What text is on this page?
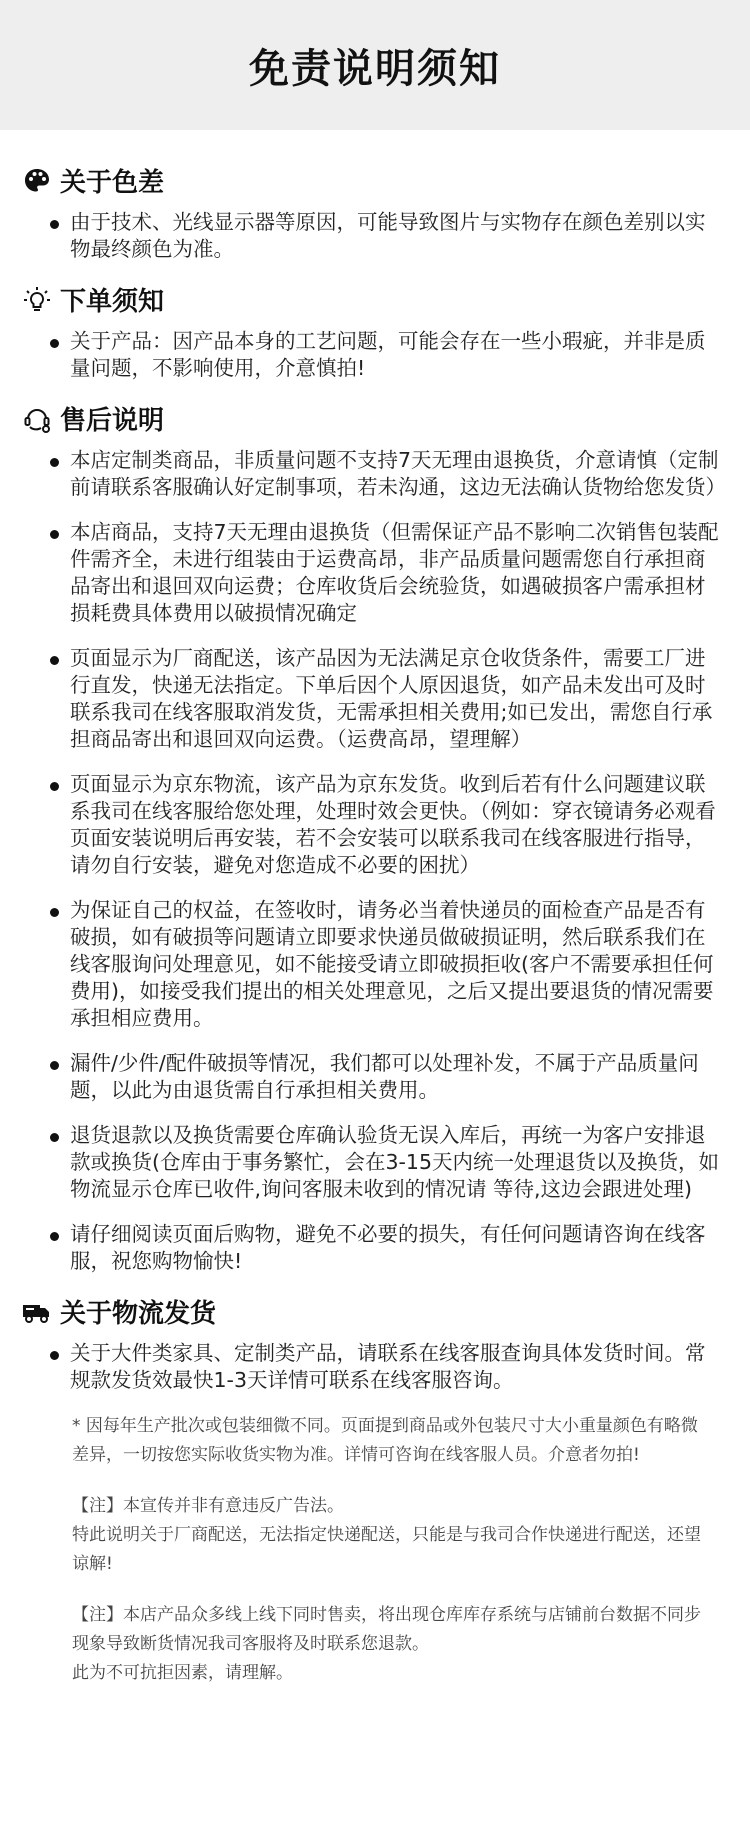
免责说明须知
关于色差
由于技术、光线显示器等原因，可能导致图片与实物存在颜色差别以实物最终颜色为准。
下单须知
关于产品：因产品本身的工艺问题，可能会存在一些小瑕疵，并非是质量问题，不影响使用，介意慎拍!
售后说明
本店定制类商品，非质量问题不支持7天无理由退换货，介意请慎（定制前请联系客服确认好定制事项，若未沟通，这边无法确认货物给您发货）
本店商品，支持7天无理由退换货（但需保证产品不影响二次销售包装配件需齐全，未进行组装由于运费高昂，非产品质量问题需您自行承担商品寄出和退回双向运费；仓库收货后会统验货，如遇破损客户需承担材损耗费具体费用以破损情况确定
页面显示为厂商配送，该产品因为无法满足京仓收货条件，需要工厂进行直发，快递无法指定。下单后因个人原因退货，如产品未发出可及时联系我司在线客服取消发货，无需承担相关费用;如已发出，需您自行承担商品寄出和退回双向运费。（运费高昂，望理解）
页面显示为京东物流，该产品为京东发货。收到后若有什么问题建议联系我司在线客服给您处理，处理时效会更快。（例如：穿衣镜请务必观看页面安装说明后再安装，若不会安装可以联系我司在线客服进行指导，请勿自行安装，避免对您造成不必要的困扰）
为保证自己的权益，在签收时，请务必当着快递员的面检查产品是否有破损，如有破损等问题请立即要求快递员做破损证明，然后联系我们在线客服询问处理意见，如不能接受请立即破损拒收(客户不需要承担任何费用)，如接受我们提出的相关处理意见，之后又提出要退货的情况需要承担相应费用。
漏件/少件/配件破损等情况，我们都可以处理补发，不属于产品质量问题，以此为由退货需自行承担相关费用。
退货退款以及换货需要仓库确认验货无误入库后，再统一为客户安排退款或换货(仓库由于事务繁忙，会在3-15天内统一处理退货以及换货，如物流显示仓库已收件,询问客服未收到的情况请 等待,这边会跟进处理)
请仔细阅读页面后购物，避免不必要的损失，有任何问题请咨询在线客服，祝您购物愉快!
关于物流发货
关于大件类家具、定制类产品，请联系在线客服查询具体发货时间。常规款发货效最快1-3天详情可联系在线客服咨询。
* 因每年生产批次或包装细微不同。页面提到商品或外包装尺寸大小重量颜色有略微差异，一切按您实际收货实物为准。详情可咨询在线客服人员。介意者勿拍!
【注】本宣传并非有意违反广告法。
特此说明关于厂商配送，无法指定快递配送，只能是与我司合作快递进行配送，还望谅解!
【注】本店产品众多线上线下同时售卖，将出现仓库库存系统与店铺前台数据不同步现象导致断货情况我司客服将及时联系您退款。
此为不可抗拒因素，请理解。
